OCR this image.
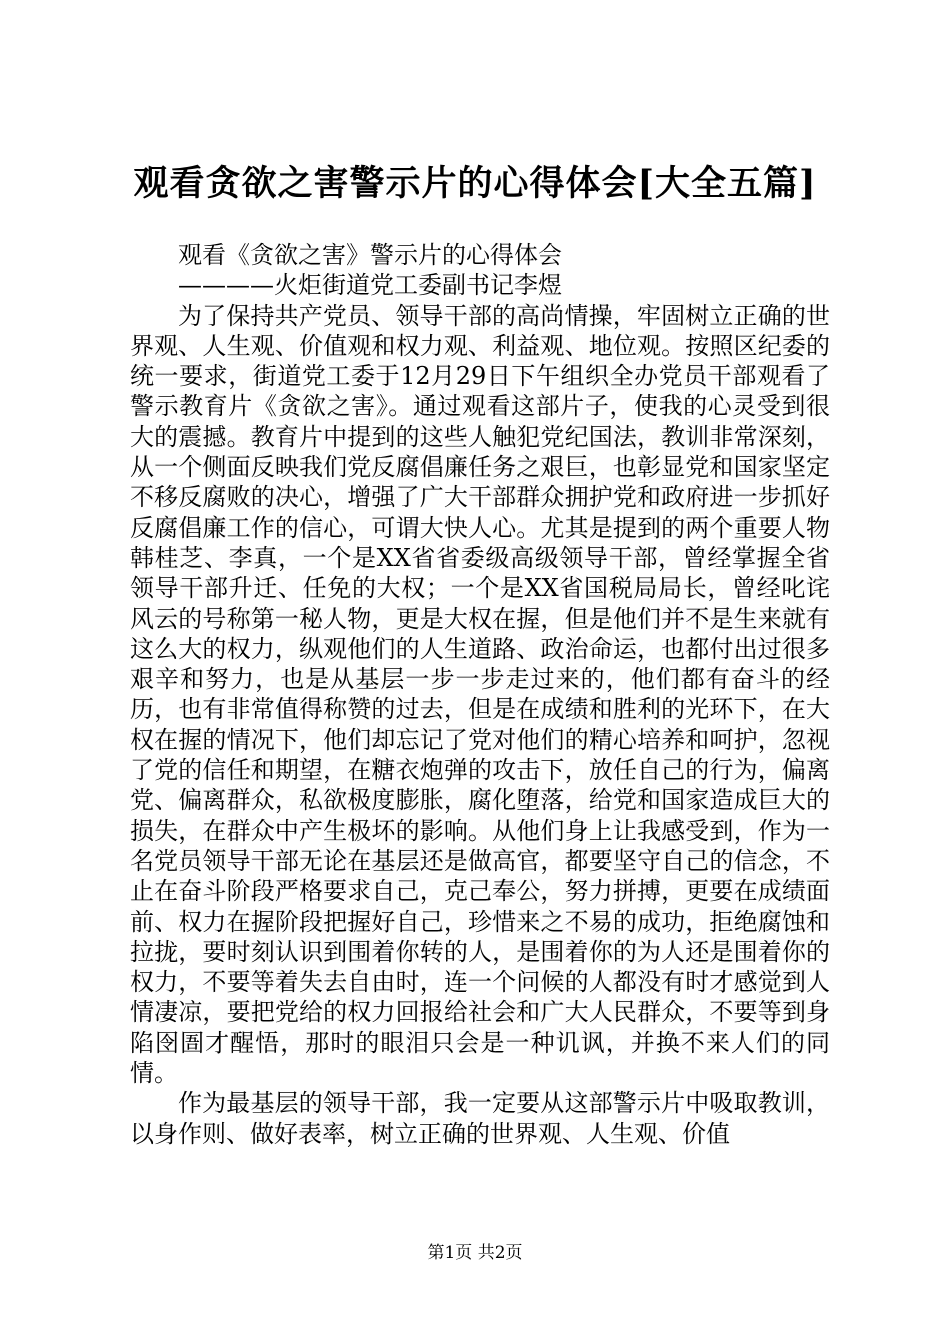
观看贪欲之害警示片的心得体会[大全五篇]

观看《贪欲之害》警示片的心得体会

————火炬街道党工委副书记李煜

为了保持共产党员、领导干部的高尚情操，牢固树立正确的世界观、人生观、价值观和权力观、利益观、地位观。按照区纪委的统一要求，街道党工委于12月29日下午组织全办党员干部观看了警示教育片《贪欲之害》。通过观看这部片子，使我的心灵受到很大的震撼。教育片中提到的这些人触犯党纪国法，教训非常深刻，从一个侧面反映我们党反腐倡廉任务之艰巨，也彰显党和国家坚定不移反腐败的决心，增强了广大干部群众拥护党和政府进一步抓好反腐倡廉工作的信心，可谓大快人心。尤其是提到的两个重要人物韩桂芝、李真，一个是XX省省委级高级领导干部，曾经掌握全省领导干部升迁、任免的大权；一个是XX省国税局局长，曾经叱诧风云的号称第一秘人物，更是大权在握，但是他们并不是生来就有这么大的权力，纵观他们的人生道路、政治命运，也都付出过很多艰辛和努力，也是从基层一步一步走过来的，他们都有奋斗的经历，也有非常值得称赞的过去，但是在成绩和胜利的光环下，在大权在握的情况下，他们却忘记了党对他们的精心培养和呵护，忽视了党的信任和期望，在糖衣炮弹的攻击下，放任自己的行为，偏离党、偏离群众，私欲极度膨胀，腐化堕落，给党和国家造成巨大的损失，在群众中产生极坏的影响。从他们身上让我感受到，作为一名党员领导干部无论在基层还是做高官，都要坚守自己的信念，不止在奋斗阶段严格要求自己，克己奉公，努力拼搏，更要在成绩面前、权力在握阶段把握好自己，珍惜来之不易的成功，拒绝腐蚀和拉拢，要时刻认识到围着你转的人，是围着你的为人还是围着你的权力，不要等着失去自由时，连一个问候的人都没有时才感觉到人情凄凉，要把党给的权力回报给社会和广大人民群众，不要等到身陷囹圄才醒悟，那时的眼泪只会是一种讥讽，并换不来人们的同情。

作为最基层的领导干部，我一定要从这部警示片中吸取教训，以身作则、做好表率，树立正确的世界观、人生观、价值

第1页 共2页
